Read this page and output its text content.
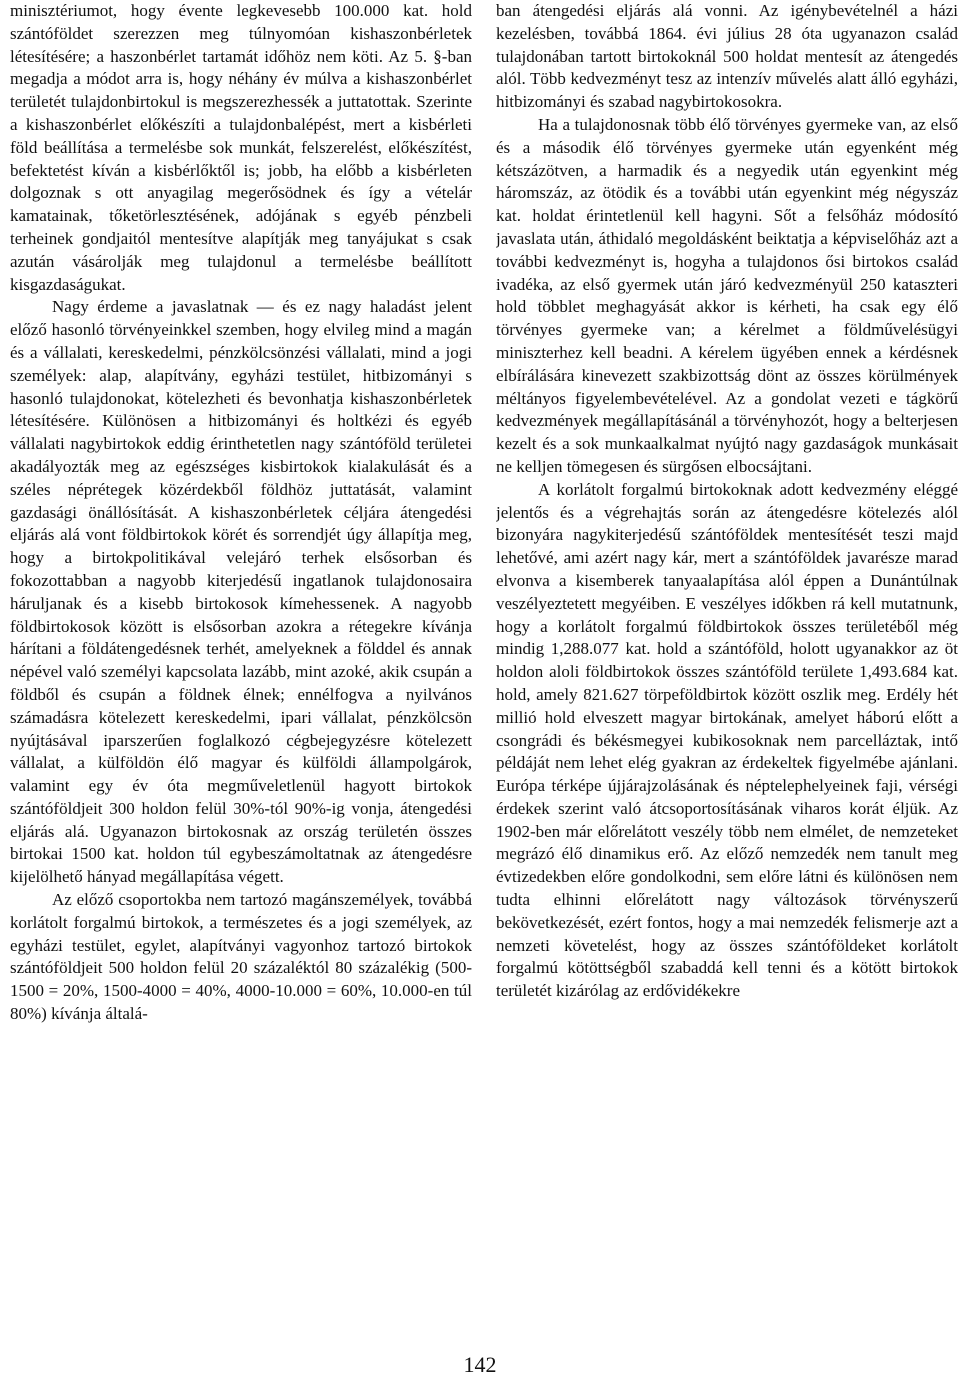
minisztériumot, hogy évente legkevesebb 100.000 kat. hold szántóföldet szerezzen meg túlnyomóan kishaszonbérletek létesítésére; a haszonbérlet tartamát időhöz nem köti. Az 5. §-ban megadja a módot arra is, hogy néhány év múlva a kishaszonbérlet területét tulajdonbirtokul is megszerezhessék a juttatottak. Szerinte a kishaszonbérlet előkészíti a tulajdonbalépést, mert a kisbérleti föld beállítása a termelésbe sok munkát, felszerelést, előkészítést, befektetést kíván a kisbérlőktől is; jobb, ha előbb a kisbérleten dolgoznak s ott anyagilag megerősödnek és így a vételár kamatainak, tőketörlesztésének, adójának s egyéb pénzbeli terheinek gondjaitól mentesítve alapítják meg tanyájukat s csak azután vásárolják meg tulajdonul a termelésbe beállított kisgazdaságukat.

Nagy érdeme a javaslatnak — és ez nagy haladást jelent előző hasonló törvényeinkkel szemben, hogy elvileg mind a magán és a vállalati, kereskedelmi, pénzkölcsönzési vállalati, mind a jogi személyek: alap, alapítvány, egyházi testület, hitbizományi s hasonló tulajdonokat, kötelezheti és bevonhatja kishaszonbérletek létesítésére. Különösen a hitbizományi és holtkézi és egyéb vállalati nagybirtokok eddig érinthetetlen nagy szántóföld területei akadályozták meg az egészséges kisbirtokok kialakulását és a széles néprétegek közérdekből földhöz juttatását, valamint gazdasági önállósítását. A kishaszonbérletek céljára átengedési eljárás alá vont földbirtokok körét és sorrendjét úgy állapítja meg, hogy a birtokpolitikával velejáró terhek elsősorban és fokozottabban a nagyobb kiterjedésű ingatlanok tulajdonosaira háruljanak és a kisebb birtokosok kímehessenek. A nagyobb földbirtokosok között is elsősorban azokra a rétegekre kívánja hárítani a földátengedésnek terhét, amelyeknek a földdel és annak népével való személyi kapcsolata lazább, mint azoké, akik csupán a földből és csupán a földnek élnek; ennélfogva a nyilvános számadásra kötelezett kereskedelmi, ipari vállalat, pénzkölcsön nyújtásával iparszerűen foglalkozó cégbejegyzésre kötelezett vállalat, a külföldön élő magyar és külföldi állampolgárok, valamint egy év óta megműveletlenül hagyott birtokok szántóföldjeit 300 holdon felül 30%-tól 90%-ig vonja, átengedési eljárás alá. Ugyanazon birtokosnak az ország területén összes birtokai 1500 kat. holdon túl egybeszámoltatnak az átengedésre kijelölhető hányad megállapítása végett.

Az előző csoportokba nem tartozó magánszemélyek, továbbá korlátolt forgalmú birtokok, a természetes és a jogi személyek, az egyházi testület, egylet, alapítványi vagyonhoz tartozó birtokok szántóföldjeit 500 holdon felül 20 százaléktól 80 százalékig (500-1500 = 20%, 1500-4000 = 40%, 4000-10.000 = 60%, 10.000-en túl 80%) kívánja általá-

ban átengedési eljárás alá vonni. Az igénybevételnél a házi kezelésben, továbbá 1864. évi július 28 óta ugyanazon család tulajdonában tartott birtokoknál 500 holdat mentesít az átengedés alól. Több kedvezményt tesz az intenzív művelés alatt álló egyházi, hitbizományi és szabad nagybirtokosokra.

Ha a tulajdonosnak több élő törvényes gyermeke van, az első és a második élő törvényes gyermeke után egyenként még kétszázötven, a harmadik és a negyedik után egyenkint még háromszáz, az ötödik és a további után egyenkint még négyszáz kat. holdat érintetlenül kell hagyni. Sőt a felsőház módosító javaslata után, áthidaló megoldásként beiktatja a képviselőház azt a további kedvezményt is, hogyha a tulajdonos ősi birtokos család ivadéka, az első gyermek után járó kedvezményül 250 kataszteri hold többlet meghagyását akkor is kérheti, ha csak egy élő törvényes gyermeke van; a kérelmet a földművelésügyi miniszterhez kell beadni. A kérelem ügyében ennek a kérdésnek elbírálására kinevezett szakbizottság dönt az összes körülmények méltányos figyelembevételével. Az a gondolat vezeti e tágkörű kedvezmények megállapításánál a törvényhozót, hogy a belterjesen kezelt és a sok munkaalkalmat nyújtó nagy gazdaságok munkásait ne kelljen tömegesen és sürgősen elbocsájtani.

A korlátolt forgalmú birtokoknak adott kedvezmény eléggé jelentős és a végrehajtás során az átengedésre kötelezés alól bizonyára nagykiterjedésű szántóföldek mentesítését teszi majd lehetővé, ami azért nagy kár, mert a szántóföldek javarésze marad elvonva a kisemberek tanyaalapítása alól éppen a Dunántúlnak veszélyeztetett megyéiben. E veszélyes időkben rá kell mutatnunk, hogy a korlátolt forgalmú földbirtokok összes területéből még mindig 1,288.077 kat. hold a szántóföld, holott ugyanakkor az öt holdon aloli földbirtokok összes szántóföld területe 1,493.684 kat. hold, amely 821.627 törpeföldbirtok között oszlik meg. Erdély hét millió hold elveszett magyar birtokának, amelyet háború előtt a csongrádi és békésmegyei kubikosoknak nem parcelláztak, intő példáját nem lehet elég gyakran az érdekeltek figyelmébe ajánlani. Európa térképe újjárajzolásának és néptelephelyeinek faji, vérségi érdekek szerint való átcsoportosításának viharos korát éljük. Az 1902-ben már előrelátott veszély több nem elmélet, de nemzeteket megrázó élő dinamikus erő. Az előző nemzedék nem tanult meg évtizedekben előre gondolkodni, sem előre látni és különösen nem tudta elhinni előrelátott nagy változások törvényszerű bekövetkezését, ezért fontos, hogy a mai nemzedék felismerje azt a nemzeti követelést, hogy az összes szántóföldeket korlátolt forgalmú kötöttségből szabaddá kell tenni és a kötött birtokok területét kizárólag az erdővidékekre

142
